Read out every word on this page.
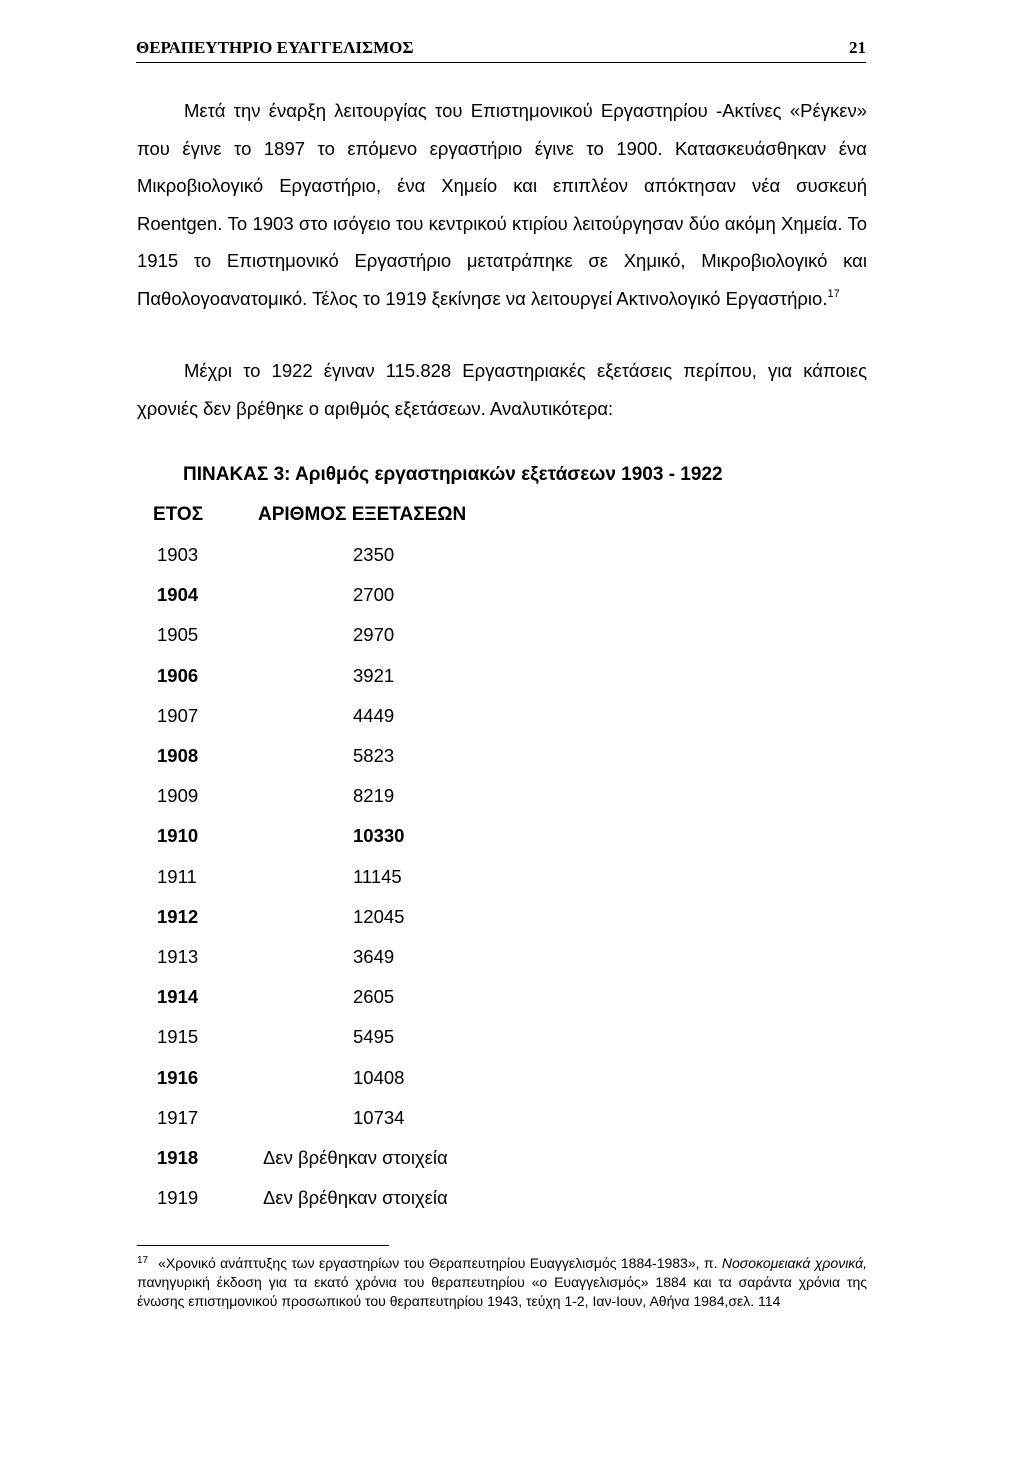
ΘΕΡΑΠΕΥΤΗΡΙΟ ΕΥΑΓΓΕΛΙΣΜΟΣ	21

Μετά την έναρξη λειτουργίας του Επιστημονικού Εργαστηρίου -Ακτίνες «Ρέγκεν» που έγινε το 1897 το επόμενο εργαστήριο έγινε το 1900. Κατασκευάσθηκαν ένα Μικροβιολογικό Εργαστήριο, ένα Χημείο και επιπλέον απόκτησαν νέα συσκευή Roentgen. Το 1903 στο ισόγειο του κεντρικού κτιρίου λειτούργησαν δύο ακόμη Χημεία. Το 1915 το Επιστημονικό Εργαστήριο μετατράπηκε σε Χημικό, Μικροβιολογικό και Παθολογοανατομικό. Τέλος το 1919 ξεκίνησε να λειτουργεί Ακτινολογικό Εργαστήριο.$^{17}$

Μέχρι το 1922 έγιναν 115.828 Εργαστηριακές εξετάσεις περίπου, για κάποιες χρονιές δεν βρέθηκε ο αριθμός εξετάσεων. Αναλυτικότερα:

ΠΙΝΑΚΑΣ 3: Αριθμός εργαστηριακών εξετάσεων 1903 - 1922
ΕΤΟΣ	ΑΡΙΘΜΟΣ ΕΞΕΤΑΣΕΩΝ
1903	2350
1904	2700
1905	2970
1906	3921
1907	4449
1908	5823
1909	8219
1910	10330
1911	11145
1912	12045
1913	3649
1914	2605
1915	5495
1916	10408
1917	10734
1918	Δεν βρέθηκαν στοιχεία
1919	Δεν βρέθηκαν στοιχεία

$^{17}$ «Χρονικό ανάπτυξης των εργαστηρίων του Θεραπευτηρίου Ευαγγελισμός 1884-1983», π. Νοσοκομειακά χρονικά, πανηγυρική έκδοση για τα εκατό χρόνια του θεραπευτηρίου «ο Ευαγγελισμός» 1884 και τα σαράντα χρόνια της ένωσης επιστημονικού προσωπικού του θεραπευτηρίου 1943, τεύχη 1-2, Ιαν-Ιουν, Αθήνα 1984,σελ. 114
